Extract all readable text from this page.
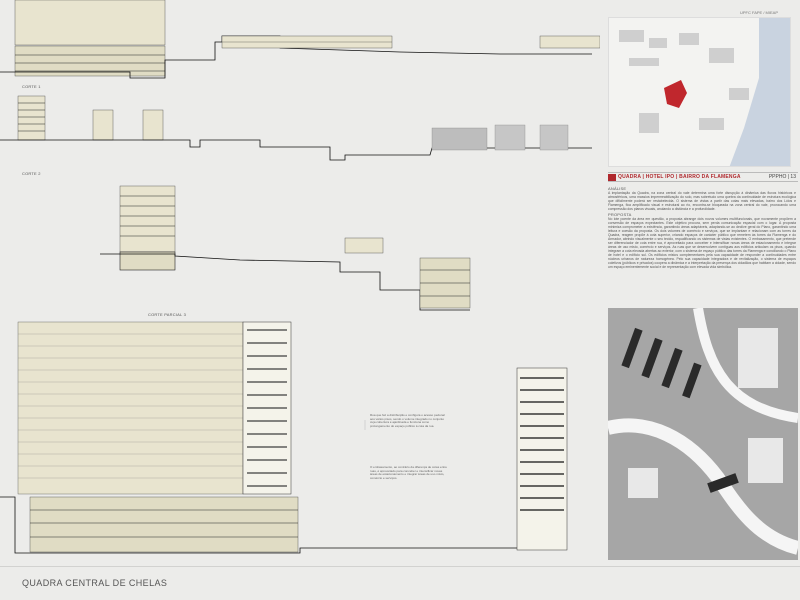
CORTE 1
CORTE 2
CORTE PARCIAL 3
Rua que faz a distribuição e configura o acesso pedonal aos vários pisos, sendo o volume integrado no conjunto cuja cobertura é ajardinada e funciona como prolongamento do espaço público à cota da rua.
O embasamento, ao contrário da diferença de cotas entre ruas, é aproveitado para conceber e intensificar novas áreas de estacionamento e integrar áreas de uso misto, comércio e serviços.
UPFC FAPE / MIEAP
QUADRA | HOTEL IPO | BAIRRO DA FLAMENGA	PPPHO | 13
ANÁLISE
A implantação da Quadra, na zona central do vale determina uma forte disrupção à dinâmica das fluxos históricos e atmosféricos, uma massiva impermeabilização do solo, mas sobretudo uma quebra da continuidade de estrutura ecológica que dificilmente poderá ser restabelecida. O sistema de vistas a partir das cotas mais elevadas, bairro dos Lóios e Flamenga, fica amplificado visual e estrutural ao rio, encontra-se bloqueada na zona central do vale, provocando uma compressão dos planos visuais, anulando a distância e a profundidade.
PROPOSTA
No lote poente da área em questão, a proposta abrange dois novos volumes multifuncionais, que novamente propõem a conversão de espaços expectantes. Este objetivo procura, sem perda comunicação espacial com o lugar. A proposta minimiza comprometer a existência, garantindo áreas adaptáveis, adaptando-se ao declive geral do Plano, garantindo uma leitura e coesão da proposta. Os dois volumes de comércio e serviços, que se implantam e relacionam com as torres da Quadra, reagem propõe à cota superior, criando espaços de carácter público que remetem às torres da Flamenga e do Armador, abrindo visualmente o seu tecido, requalificando os sistemas de vistas existentes. O embasamento, que pretende ser diferenciador de cota entre rua, é aproveitado para conceber e intensificar novas áreas de estacionamento e integrar áreas de uso misto, comércio e serviços. As ruas que se desenvolvem contíguas aos edifícios articulam os pisos, quando integram a cota elevada abertas ao exterior, com o sistema de espaço público das torres da Flamenga e conciliando o Plano de hotel e o edifício sul. Os edifícios mistos complementares pela sua capacidade de responder a continuidades entre núcleos urbanos de natureza homogénea. Pelo sua capacidade integradora e de revitalização, o sistema de espaços coletivos (públicos e privados) coopera a dinâmica e a interpretação da presença dos cidadãos que habitam a cidade, sendo um espaço eminentemente social e de representação com elevada vida simbólica.
QUADRA CENTRAL DE CHELAS
